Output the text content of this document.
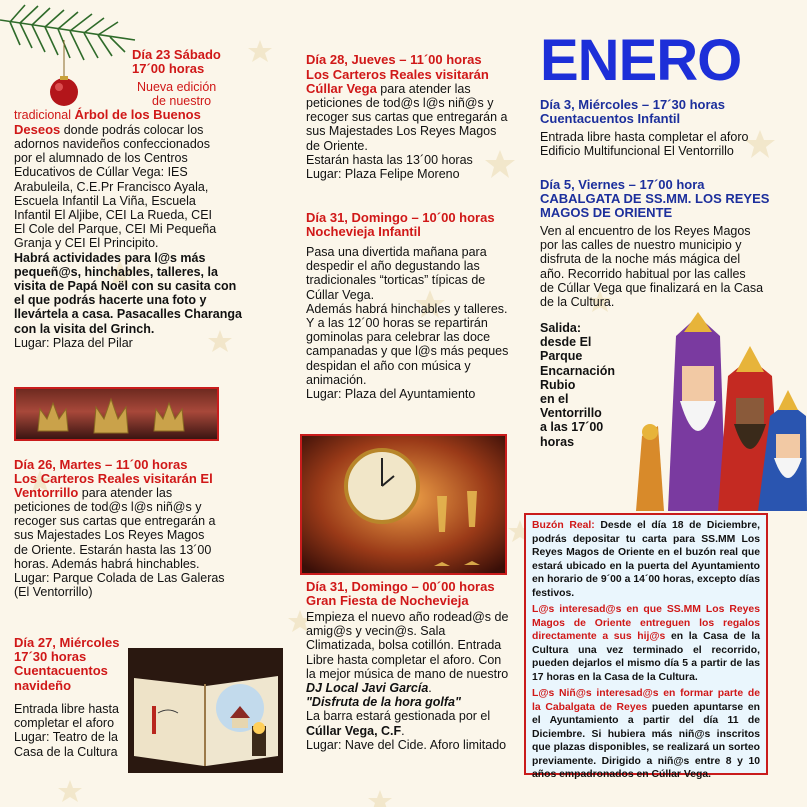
Día 23 Sábado
17´00 horas
Nueva edición
de nuestro
tradicional Árbol de los Buenos
Deseos donde podrás colocar los
adornos navideños confeccionados
por el alumnado de los Centros
Educativos de Cúllar Vega: IES
Arabuleila, C.E.Pr Francisco Ayala,
Escuela Infantil La Viña, Escuela
Infantil El Aljibe, CEI La Rueda, CEI
El Cole del Parque, CEI Mi Pequeña
Granja y CEI El Principito.
Habrá actividades para l@s más
pequeñ@s, hinchables, talleres, la
visita de Papá Noël con su casita con
el que podrás hacerte una foto y
llevártela a casa. Pasacalles Charanga
con la visita del Grinch.
Lugar: Plaza del Pilar
Día 26, Martes – 11´00 horas
Los Carteros Reales visitarán El
Ventorrillo para atender las
peticiones de tod@s l@s niñ@s y
recoger sus cartas que entregarán a
sus Majestades Los Reyes Magos
de Oriente. Estarán hasta las 13´00
horas. Además habrá hinchables.
Lugar: Parque Colada de Las Galeras
(El Ventorrillo)
Día 27, Miércoles
17´30 horas
Cuentacuentos
navideño
Entrada libre hasta
completar el aforo
Lugar: Teatro de la
Casa de la Cultura
Día 28, Jueves – 11´00 horas
Los Carteros Reales visitarán
Cúllar Vega para atender las
peticiones de tod@s l@s niñ@s y
recoger sus cartas que entregarán a
sus Majestades Los Reyes Magos
de Oriente.
Estarán hasta las 13´00 horas
Lugar: Plaza Felipe Moreno
Día 31, Domingo – 10´00 horas
Nochevieja Infantil
Pasa una divertida mañana para
despedir el año degustando las
tradicionales “torticas” típicas de
Cúllar Vega.
Además habrá hinchables y talleres.
Y a las 12´00 horas se repartirán
gominolas para celebrar las doce
campanadas y que l@s más peques
despidan el año con música y
animación.
Lugar: Plaza del Ayuntamiento
Día 31, Domingo – 00´00 horas
Gran Fiesta de Nochevieja
Empieza el nuevo año rodead@s de
amig@s y vecin@s. Sala
Climatizada, bolsa cotillón. Entrada
Libre hasta completar el aforo. Con
la mejor música de mano de nuestro
DJ Local Javi García.
"Disfruta de la hora golfa"
La barra estará gestionada por el
Cúllar Vega, C.F.
Lugar: Nave del Cide. Aforo limitado
ENERO
Día 3, Miércoles – 17´30 horas
Cuentacuentos Infantil
Entrada libre hasta completar el aforo
Edificio Multifuncional El Ventorrillo
Día 5, Viernes – 17´00 hora
CABALGATA DE SS.MM. LOS REYES
MAGOS DE ORIENTE
Ven al encuentro de los Reyes Magos
por las calles de nuestro municipio y
disfruta de la noche más mágica del
año. Recorrido habitual por las calles
de Cúllar Vega que finalizará en la Casa
de la Cultura.
Salida:
desde El
Parque
Encarnación
Rubio
en el
Ventorrillo
a las 17´00
horas

Buzón Real: Desde el día 18 de Diciembre, podrás depositar tu carta para SS.MM Los Reyes Magos de Oriente en el buzón real que estará ubicado en la puerta del Ayuntamiento en horario de 9´00 a 14´00 horas, excepto días festivos.

L@s interesad@s en que SS.MM Los Reyes Magos de Oriente entreguen los regalos directamente a sus hij@s en la Casa de la Cultura una vez terminado el recorrido, pueden dejarlos el mismo día 5 a partir de las 17 horas en la Casa de la Cultura.

L@s Niñ@s interesad@s en formar parte de la Cabalgata de Reyes pueden apuntarse en el Ayuntamiento a partir del día 11 de Diciembre. Si hubiera más niñ@s inscritos que plazas disponibles, se realizará un sorteo previamente. Dirigido a niñ@s entre 8 y 10 años empadronados en Cúllar Vega.
